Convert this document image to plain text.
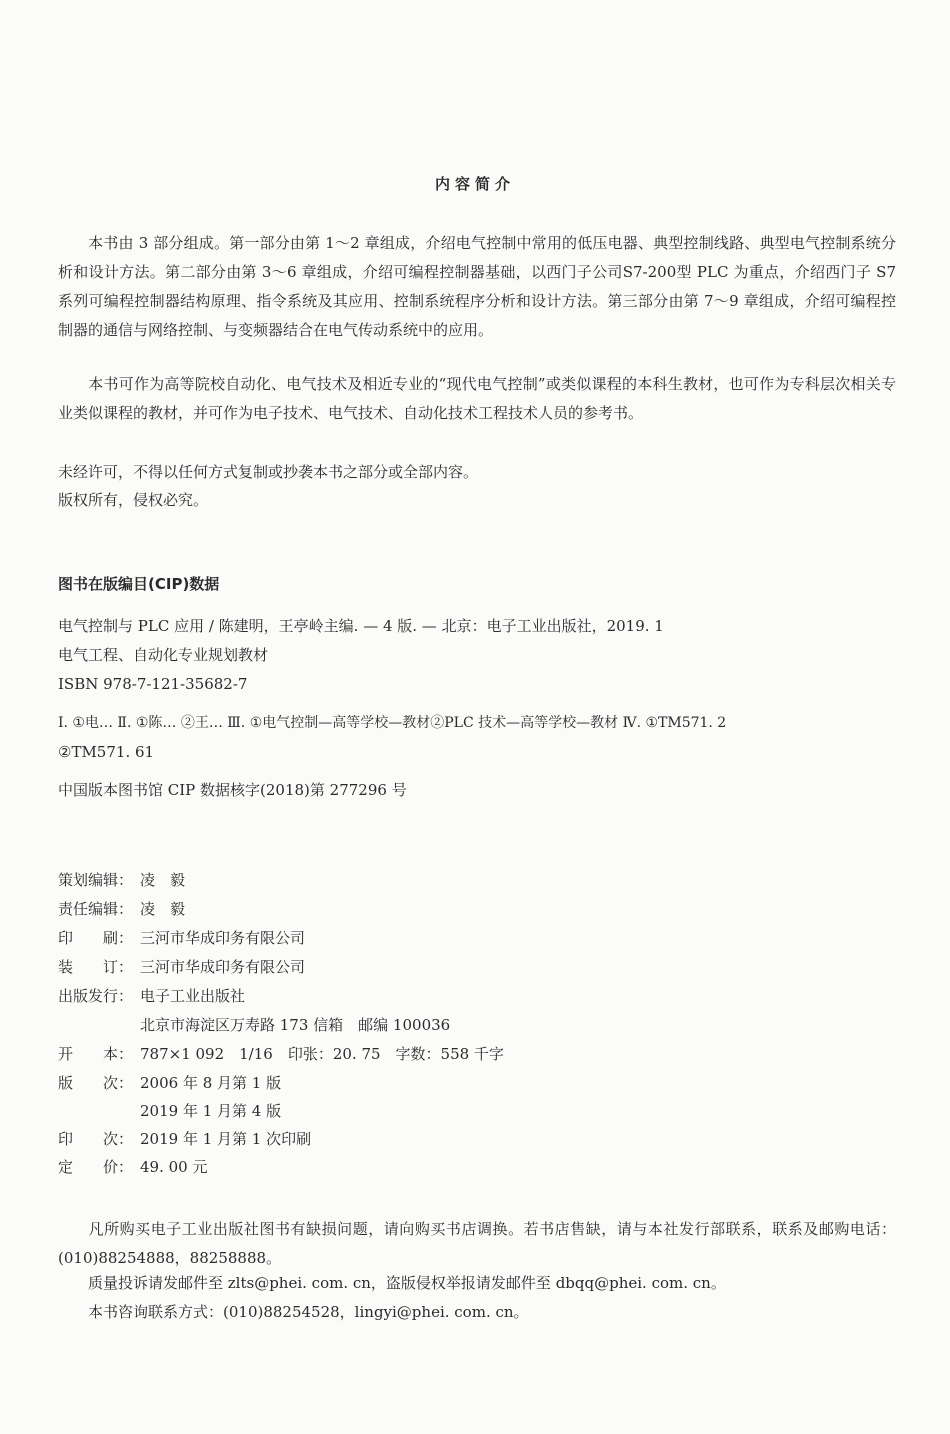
内容简介
本书由 3 部分组成。第一部分由第 1～2 章组成，介绍电气控制中常用的低压电器、典型控制线路、典型电气控制系统分析和设计方法。第二部分由第 3～6 章组成，介绍可编程控制器基础，以西门子公司S7-200型 PLC 为重点，介绍西门子 S7 系列可编程控制器结构原理、指令系统及其应用、控制系统程序分析和设计方法。第三部分由第 7～9 章组成，介绍可编程控制器的通信与网络控制、与变频器结合在电气传动系统中的应用。
本书可作为高等院校自动化、电气技术及相近专业的“现代电气控制”或类似课程的本科生教材，也可作为专科层次相关专业类似课程的教材，并可作为电子技术、电气技术、自动化技术工程技术人员的参考书。
未经许可，不得以任何方式复制或抄袭本书之部分或全部内容。
版权所有，侵权必究。
图书在版编目(CIP)数据
电气控制与 PLC 应用 / 陈建明，王亭岭主编. — 4 版. — 北京：电子工业出版社，2019. 1
电气工程、自动化专业规划教材
ISBN 978-7-121-35682-7
Ⅰ. ①电… Ⅱ. ①陈… ②王… Ⅲ. ①电气控制—高等学校—教材②PLC 技术—高等学校—教材 Ⅳ. ①TM571. 2
②TM571. 61
中国版本图书馆 CIP 数据核字(2018)第 277296 号
策划编辑： 凌　毅
责任编辑： 凌　毅
印　　刷： 三河市华成印务有限公司
装　　订： 三河市华成印务有限公司
出版发行： 电子工业出版社
北京市海淀区万寿路 173 信箱　邮编 100036
开　　本： 787×1 092　1/16　印张：20. 75　字数：558 千字
版　　次： 2006 年 8 月第 1 版
2019 年 1 月第 4 版
印　　次： 2019 年 1 月第 1 次印刷
定　　价： 49. 00 元
凡所购买电子工业出版社图书有缺损问题，请向购买书店调换。若书店售缺，请与本社发行部联系，联系及邮购电话：(010)88254888，88258888。
质量投诉请发邮件至 zlts@phei. com. cn，盗版侵权举报请发邮件至 dbqq@phei. com. cn。
本书咨询联系方式：(010)88254528，lingyi@phei. com. cn。
